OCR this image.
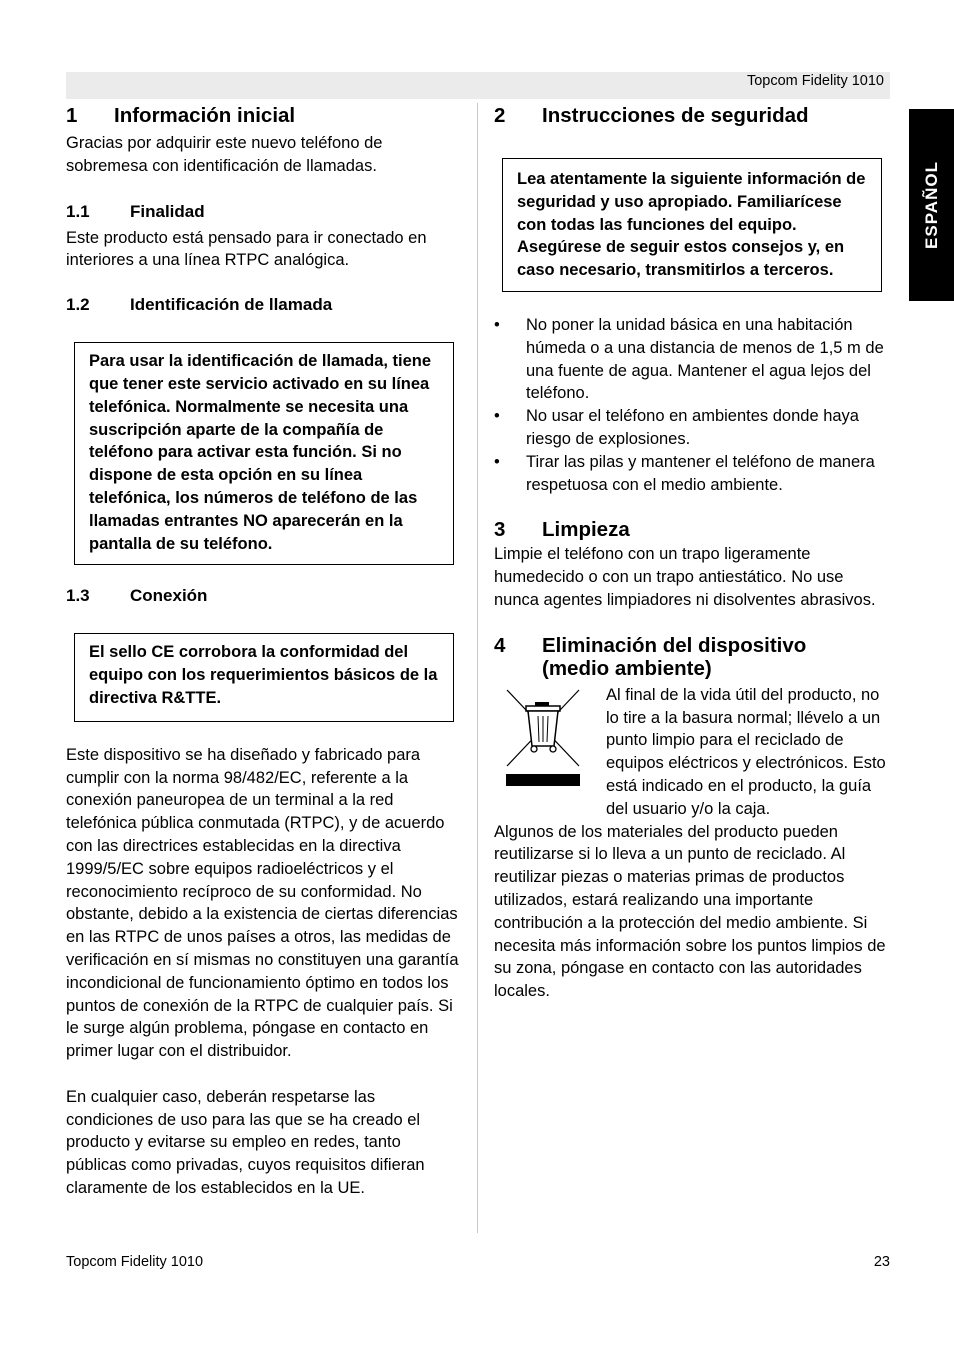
Topcom Fidelity 1010
ESPAÑOL
1	Información inicial

Gracias por adquirir este nuevo teléfono de sobremesa con identificación de llamadas.

1.1	Finalidad

Este producto está pensado para ir conectado en interiores a una línea RTPC analógica.

1.2	Identificación de llamada
Para usar la identificación de llamada, tiene que tener este servicio activado en su línea telefónica. Normalmente se necesita una suscripción aparte de la compañía de teléfono para activar esta función. Si no dispone de esta opción en su línea telefónica, los números de teléfono de las llamadas entrantes NO aparecerán en la pantalla de su teléfono.
1.3	Conexión
El sello CE corrobora la conformidad del equipo con los requerimientos básicos de la directiva R&TTE.

Este dispositivo se ha diseñado y fabricado para cumplir con la norma 98/482/EC, referente a la conexión paneuropea de un terminal a la red telefónica pública conmutada (RTPC), y de acuerdo con las directrices establecidas en la directiva 1999/5/EC sobre equipos radioeléctricos y el reconocimiento recíproco de su conformidad. No obstante, debido a la existencia de ciertas diferencias en las RTPC de unos países a otros, las medidas de verificación en sí mismas no constituyen una garantía incondicional de funcionamiento óptimo en todos los puntos de conexión de la RTPC de cualquier país. Si le surge algún problema, póngase en contacto en primer lugar con el distribuidor.

En cualquier caso, deberán respetarse las condiciones de uso para las que se ha creado el producto y evitarse su empleo en redes, tanto públicas como privadas, cuyos requisitos difieran claramente de los establecidos en la UE.

2	Instrucciones de seguridad
Lea atentamente la siguiente información de seguridad y uso apropiado. Familiarícese con todas las funciones del equipo. Asegúrese de seguir estos consejos y, en caso necesario, transmitirlos a terceros.
•	No poner la unidad básica en una habitación húmeda o a una distancia de menos de 1,5 m de una fuente de agua. Mantener el agua lejos del teléfono.
•	No usar el teléfono en ambientes donde haya riesgo de explosiones.
•	Tirar las pilas y mantener el teléfono de manera respetuosa con el medio ambiente.
3	Limpieza

Limpie el teléfono con un trapo ligeramente humedecido o con un trapo antiestático. No use nunca agentes limpiadores ni disolventes abrasivos.

4	Eliminación del dispositivo (medio ambiente)

Al final de la vida útil del producto, no lo tire a la basura normal; llévelo a un punto limpio para el reciclado de equipos eléctricos y electrónicos. Esto está indicado en el producto, la guía del usuario y/o la caja.

Algunos de los materiales del producto pueden reutilizarse si lo lleva a un punto de reciclado. Al reutilizar piezas o materias primas de productos utilizados, estará realizando una importante contribución a la protección del medio ambiente. Si necesita más información sobre los puntos limpios de su zona, póngase en contacto con las autoridades locales.

Topcom Fidelity 1010	23
